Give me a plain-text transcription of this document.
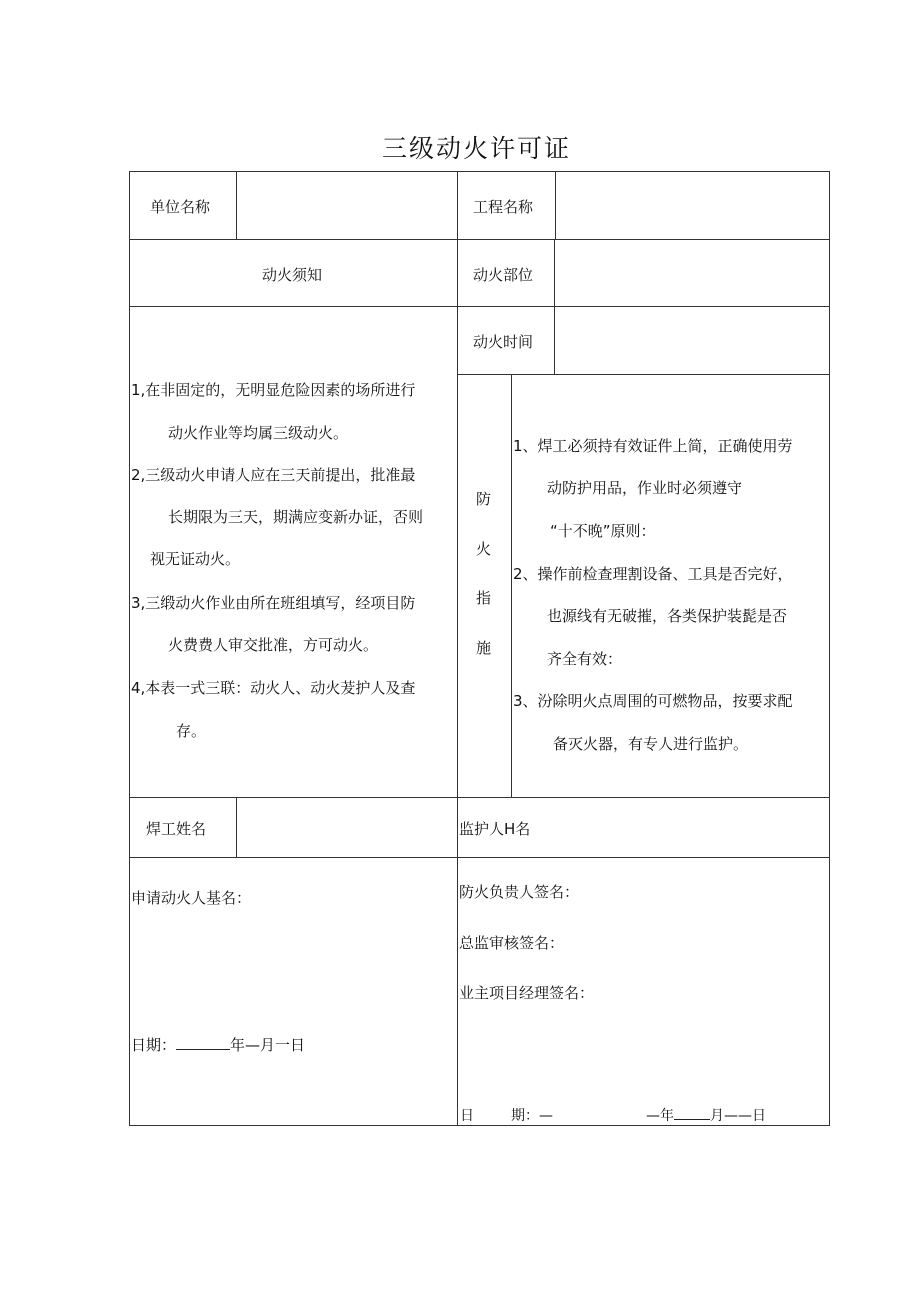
三级动火许可证
单位名称	工程名称
动火须知	动火部位
动火时间
1,在非固定的，无明显危险因素的场所进行
动火作业等均属三级动火。
2,三级动火申请人应在三天前提出，批准最
长期限为三天，期满应变新办证，否则
视无证动火。
3,三缎动火作业由所在班组填写，经项目防
火费费人审交批准，方可动火。
4,本表一式三联：动火人、动火茇护人及查
存。
防
火
指
施
1、焊工必须持有效证件上简，正确使用劳
动防护用品，作业时必须遵守
“十不晚”原则：
2、操作前检查理割设备、工具是否完好，
也源线有无破摧，各类保护装髭是否
齐全有效：
3、汾除明火点周围的可燃物品，按要求配
备灭火器，有专人进行监护。
焊工姓名	监护人H名
申请动火人基名：
日期：	年—月一日
防火负贵人签名：
总监审核签名：
业主项目经理签名：
日	期：—	—年	月——日
